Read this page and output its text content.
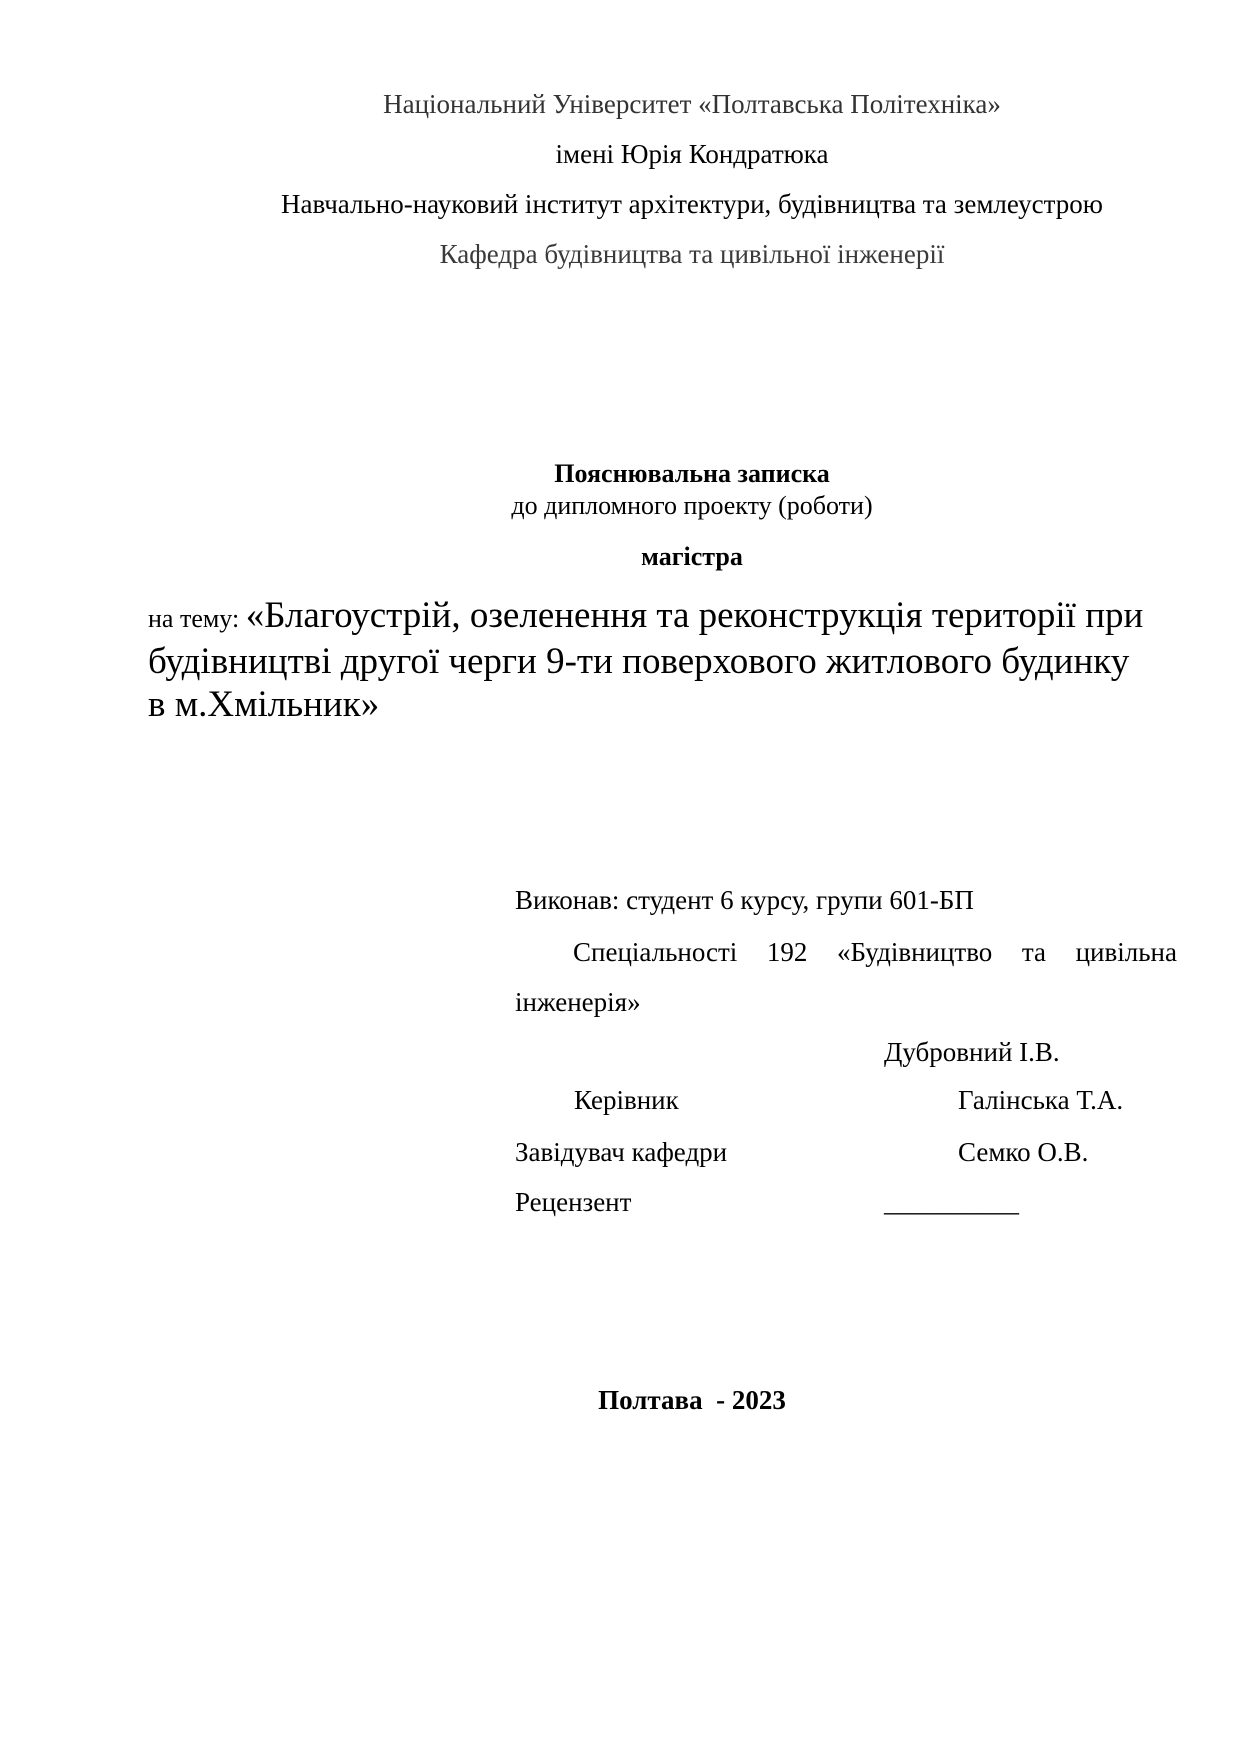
Національний Університет «Полтавська Політехніка»
імені Юрія Кондратюка
Навчально-науковий інститут архітектури, будівництва та землеустрою
Кафедра будівництва та цивільної інженерії
Пояснювальна записка
до дипломного проекту (роботи)
магістра
на тему: «Благоустрій, озеленення та реконструкція території при
будівництві другої черги 9-ти поверхового житлового будинку
в м.Хмільник»
Виконав: студент 6 курсу, групи 601-БП
Спеціальності 192 «Будівництво та цивільна
інженерія»
Дубровний І.В.
Керівник	Галінська Т.А.
Завідувач кафедри	Семко О.В.
Рецензент	__________
Полтава  - 2023
